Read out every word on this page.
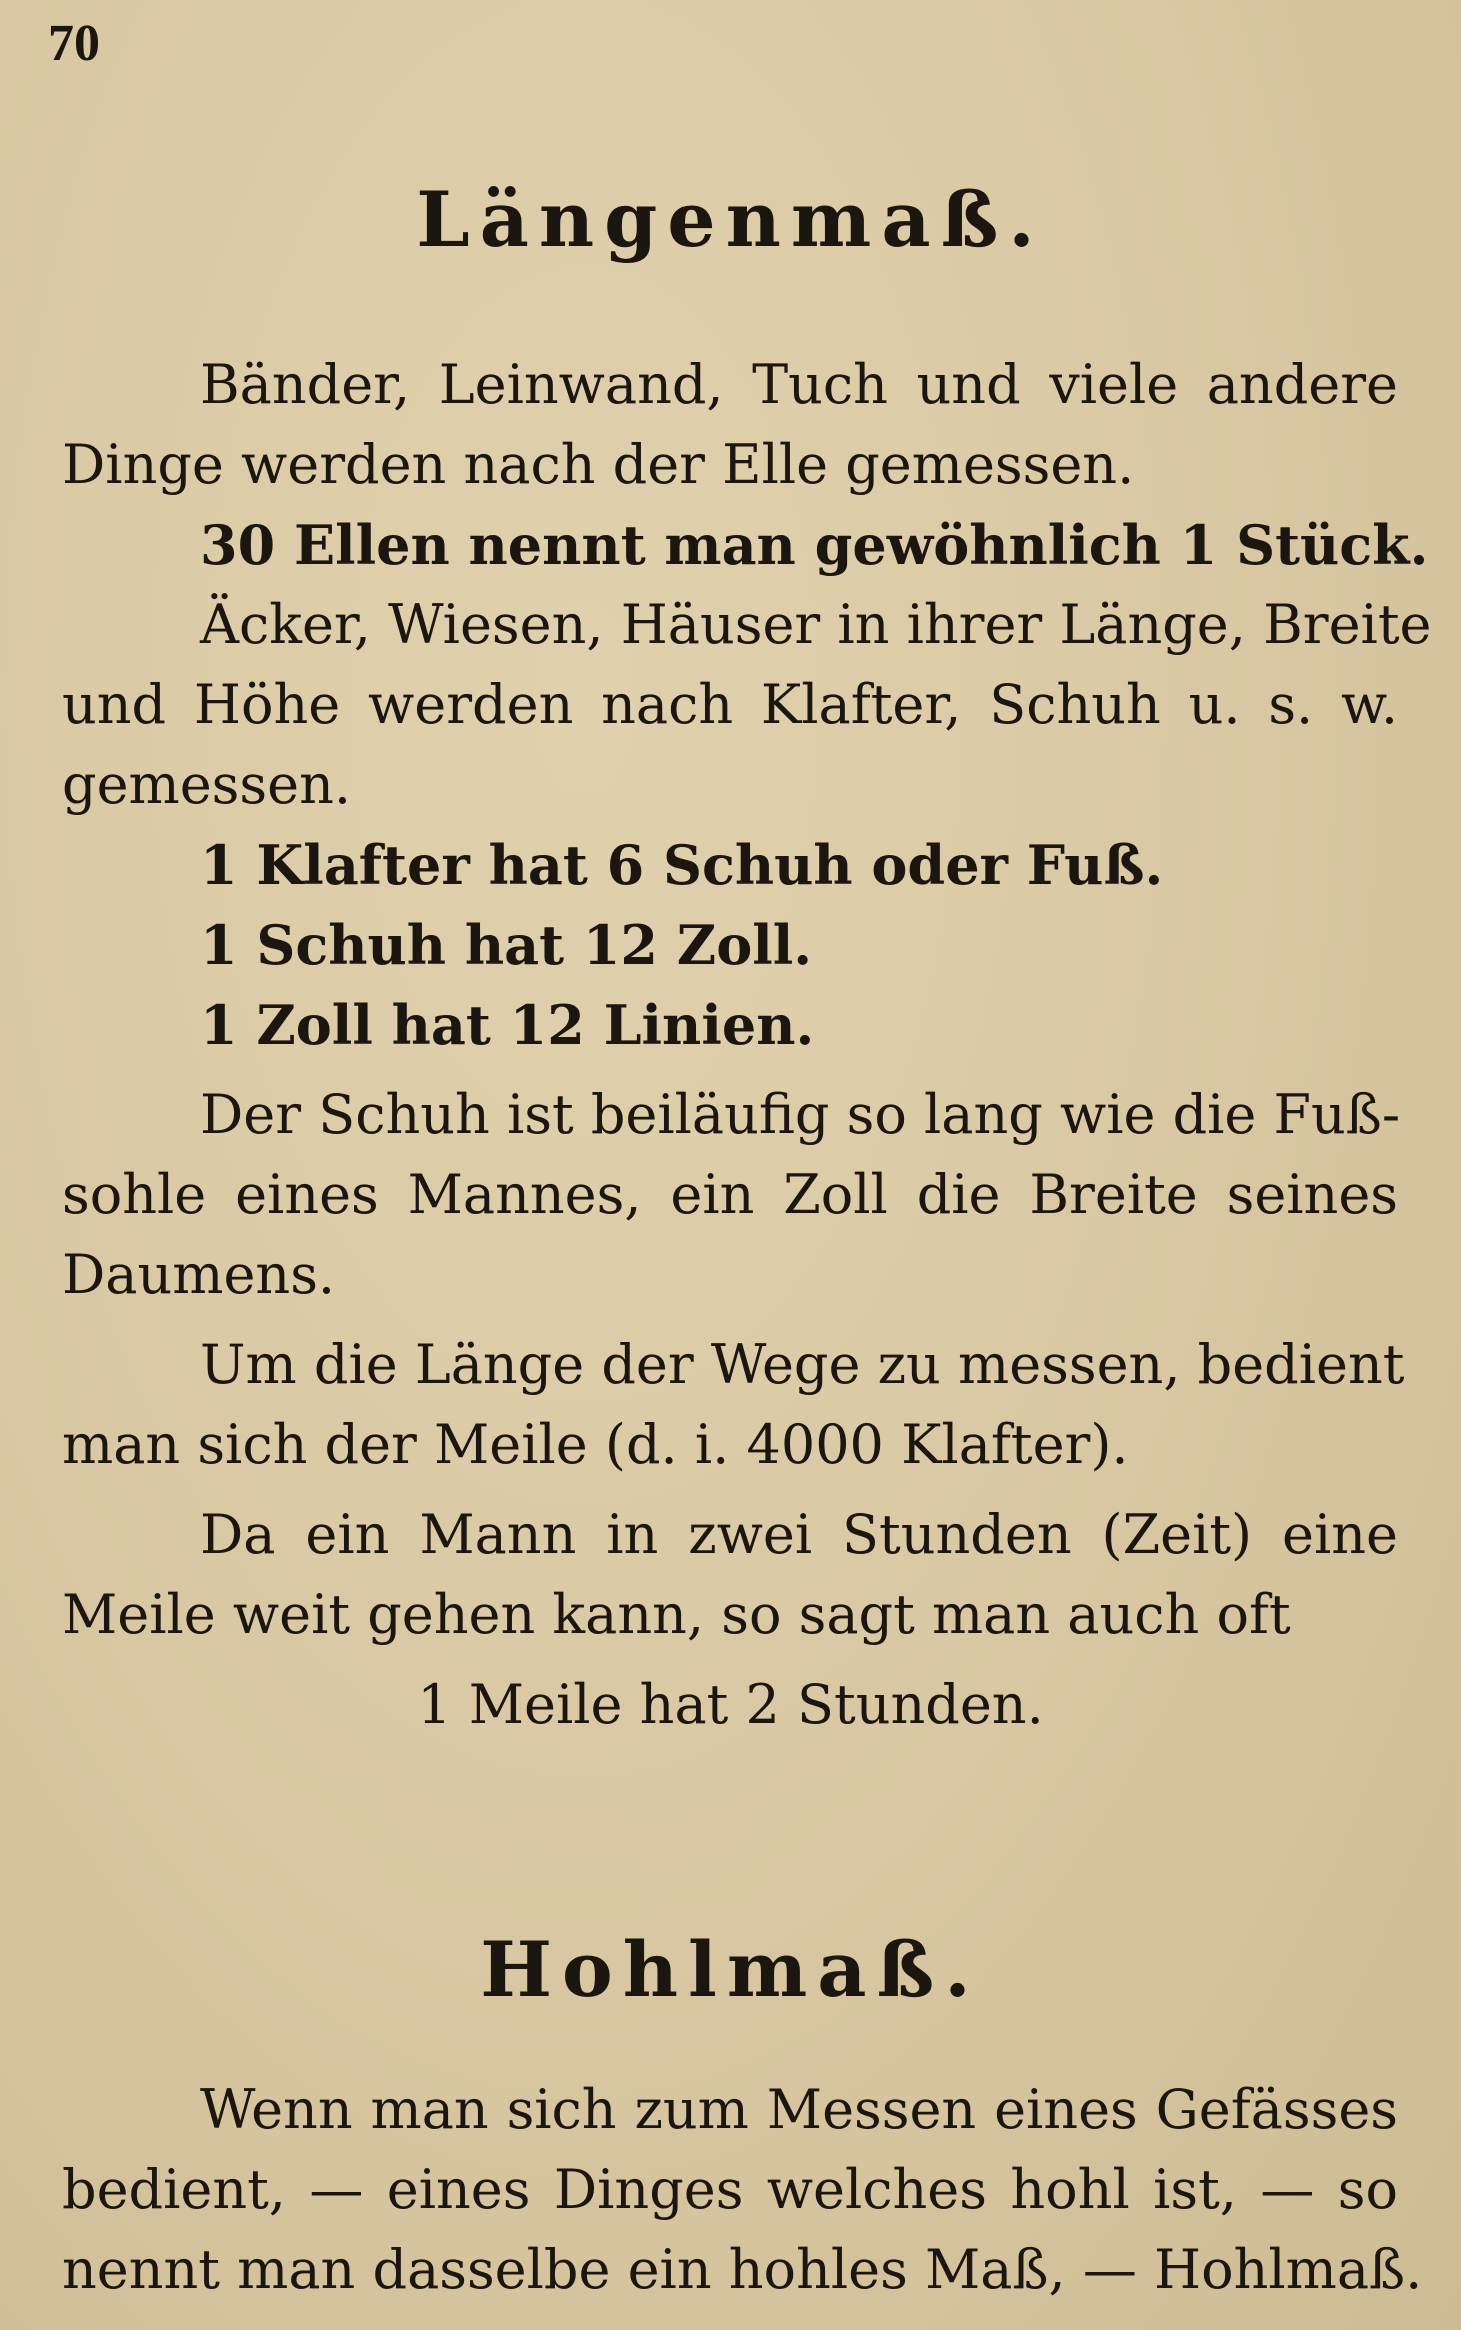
70
Längenmaß.
Bänder, Leinwand, Tuch und viele andere
Dinge werden nach der Elle gemessen.
30 Ellen nennt man gewöhnlich 1 Stück.
Äcker, Wiesen, Häuser in ihrer Länge, Breite
und Höhe werden nach Klafter, Schuh u. s. w.
gemessen.
1 Klafter hat 6 Schuh oder Fuß.
1 Schuh hat 12 Zoll.
1 Zoll hat 12 Linien.
Der Schuh ist beiläufig so lang wie die Fuß-
sohle eines Mannes, ein Zoll die Breite seines
Daumens.
Um die Länge der Wege zu messen, bedient
man sich der Meile (d. i. 4000 Klafter).
Da ein Mann in zwei Stunden (Zeit) eine
Meile weit gehen kann, so sagt man auch oft
1 Meile hat 2 Stunden.
Hohlmaß.
Wenn man sich zum Messen eines Gefässes
bedient, — eines Dinges welches hohl ist, — so
nennt man dasselbe ein hohles Maß, — Hohlmaß.
